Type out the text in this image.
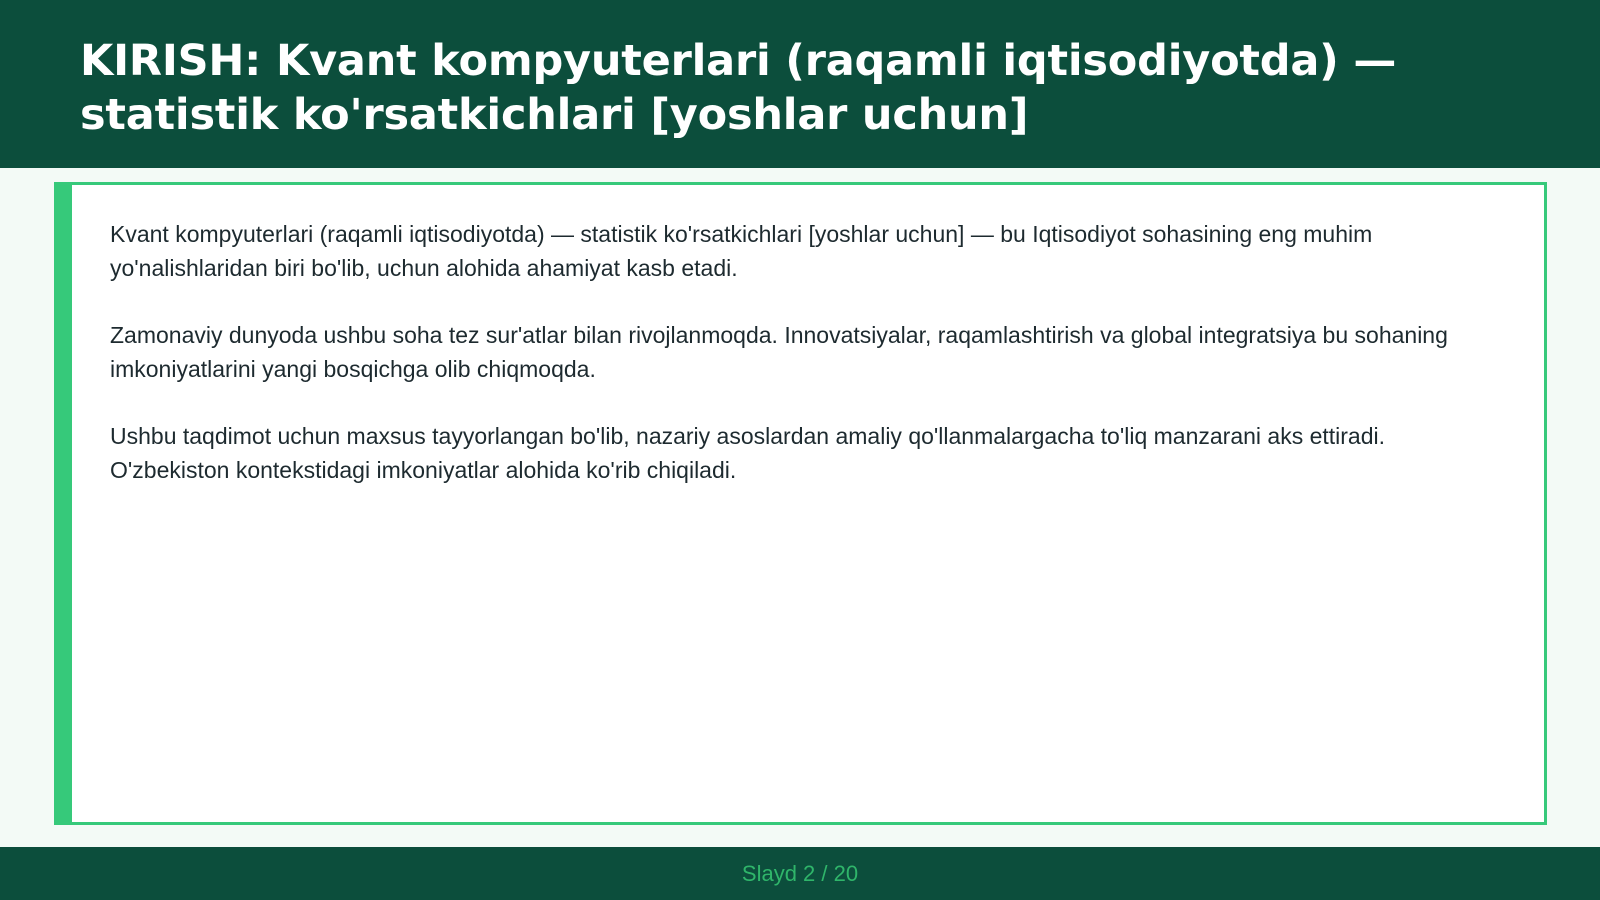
KIRISH: Kvant kompyuterlari (raqamli iqtisodiyotda) — statistik ko'rsatkichlari [yoshlar uchun]

Kvant kompyuterlari (raqamli iqtisodiyotda) — statistik ko'rsatkichlari [yoshlar uchun] — bu Iqtisodiyot sohasining eng muhim yo'nalishlaridan biri bo'lib, uchun alohida ahamiyat kasb etadi.

Zamonaviy dunyoda ushbu soha tez sur'atlar bilan rivojlanmoqda. Innovatsiyalar, raqamlashtirish va global integratsiya bu sohaning imkoniyatlarini yangi bosqichga olib chiqmoqda.

Ushbu taqdimot uchun maxsus tayyorlangan bo'lib, nazariy asoslardan amaliy qo'llanmalargacha to'liq manzarani aks ettiradi. O'zbekiston kontekstidagi imkoniyatlar alohida ko'rib chiqiladi.

Slayd 2 / 20
